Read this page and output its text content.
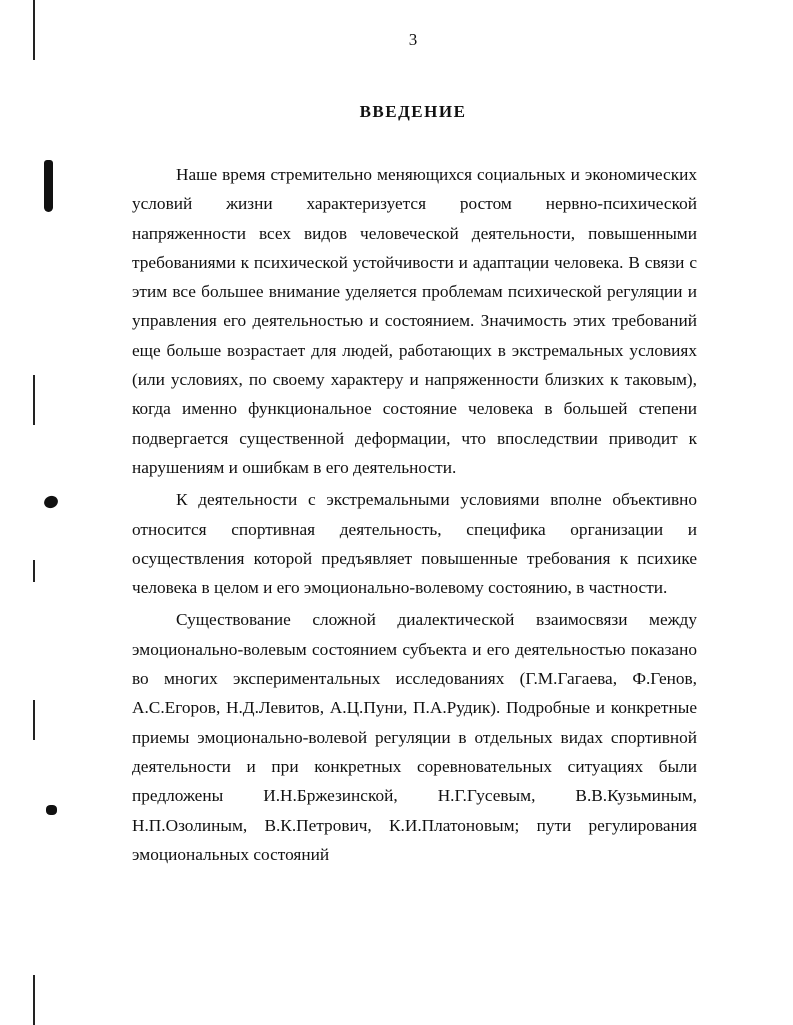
3
ВВЕДЕНИЕ

Наше время стремительно меняющихся социальных и экономических условий жизни характеризуется ростом нервно-психической напряженности всех видов человеческой деятельности, повышенными требованиями к психической устойчивости и адаптации человека. В связи с этим все большее внимание уделяется проблемам психической регуляции и управления его деятельностью и состоянием. Значимость этих требований еще больше возрастает для людей, работающих в экстремальных условиях (или условиях, по своему характеру и напряженности близких к таковым), когда именно функциональное состояние человека в большей степени подвергается существенной деформации, что впоследствии приводит к нарушениям и ошибкам в его деятельности.

К деятельности с экстремальными условиями вполне объективно относится спортивная деятельность, специфика организации и осуществления которой предъявляет повышенные требования к психике человека в целом и его эмоционально-волевому состоянию, в частности.

Существование сложной диалектической взаимосвязи между эмоционально-волевым состоянием субъекта и его деятельностью показано во многих экспериментальных исследованиях (Г.М.Гагаева, Ф.Генов, А.С.Егоров, Н.Д.Левитов, А.Ц.Пуни, П.А.Рудик). Подробные и конкретные приемы эмоционально-волевой регуляции в отдельных видах спортивной деятельности и при конкретных соревновательных ситуациях были предложены И.Н.Бржезинской, Н.Г.Гусевым, В.В.Кузьминым, Н.П.Озолиным, В.К.Петрович, К.И.Платоновым; пути регулирования эмоциональных состояний
